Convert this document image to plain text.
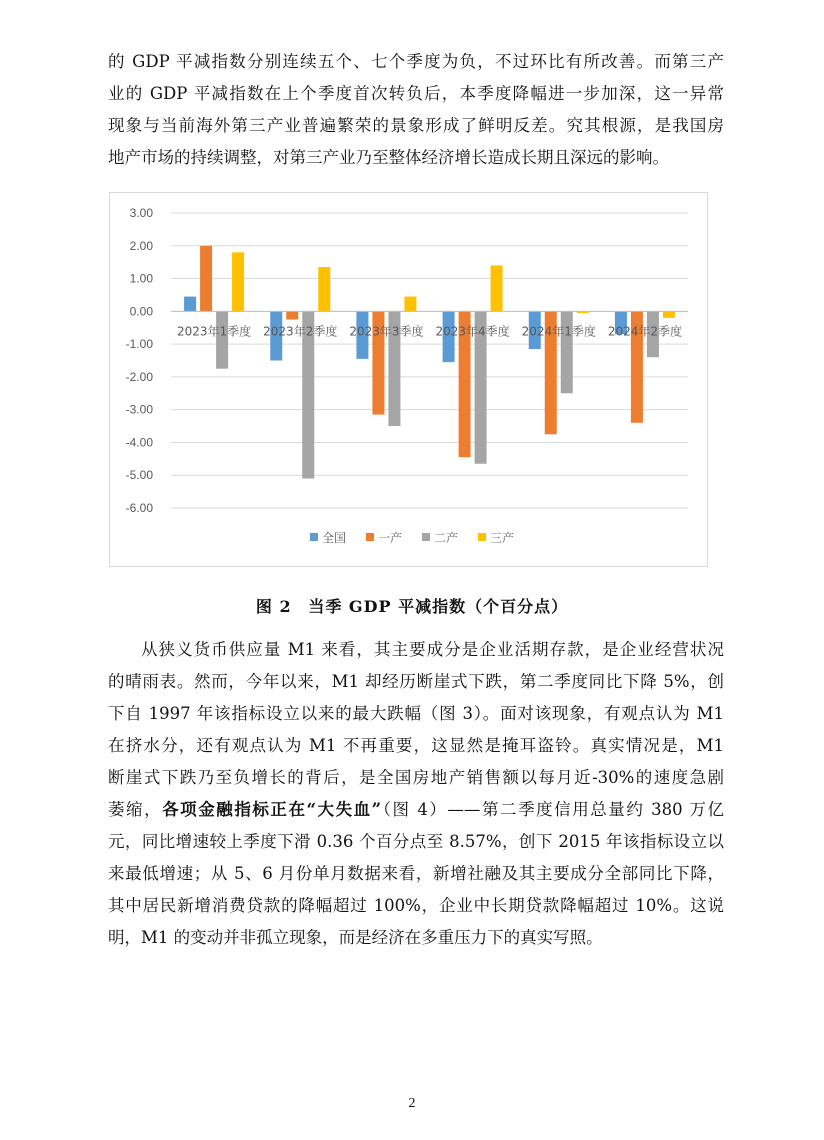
的 GDP 平减指数分别连续五个、七个季度为负，不过环比有所改善。而第三产
业的 GDP 平减指数在上个季度首次转负后，本季度降幅进一步加深，这一异常
现象与当前海外第三产业普遍繁荣的景象形成了鲜明反差。究其根源，是我国房
地产市场的持续调整，对第三产业乃至整体经济增长造成长期且深远的影响。
3.00
2.00
1.00
0.00
-1.00
-2.00
-3.00
-4.00
-5.00
-6.00
2023年1季度 2023年2季度 2023年3季度 2023年4季度 2024年1季度 2024年2季度
全国	一产	二产	三产

图 2 当季 GDP 平减指数（个百分点）

从狭义货币供应量 M1 来看，其主要成分是企业活期存款，是企业经营状况
的晴雨表。然而，今年以来，M1 却经历断崖式下跌，第二季度同比下降 5%，创
下自 1997 年该指标设立以来的最大跌幅（图 3）。面对该现象，有观点认为 M1
在挤水分，还有观点认为 M1 不再重要，这显然是掩耳盗铃。真实情况是，M1
断崖式下跌乃至负增长的背后，是全国房地产销售额以每月近-30%的速度急剧
萎缩，各项金融指标正在“大失血”（图 4）——第二季度信用总量约 380 万亿
元，同比增速较上季度下滑 0.36 个百分点至 8.57%，创下 2015 年该指标设立以
来最低增速；从 5、6 月份单月数据来看，新增社融及其主要成分全部同比下降，
其中居民新增消费贷款的降幅超过 100%，企业中长期贷款降幅超过 10%。这说
明，M1 的变动并非孤立现象，而是经济在多重压力下的真实写照。
2
